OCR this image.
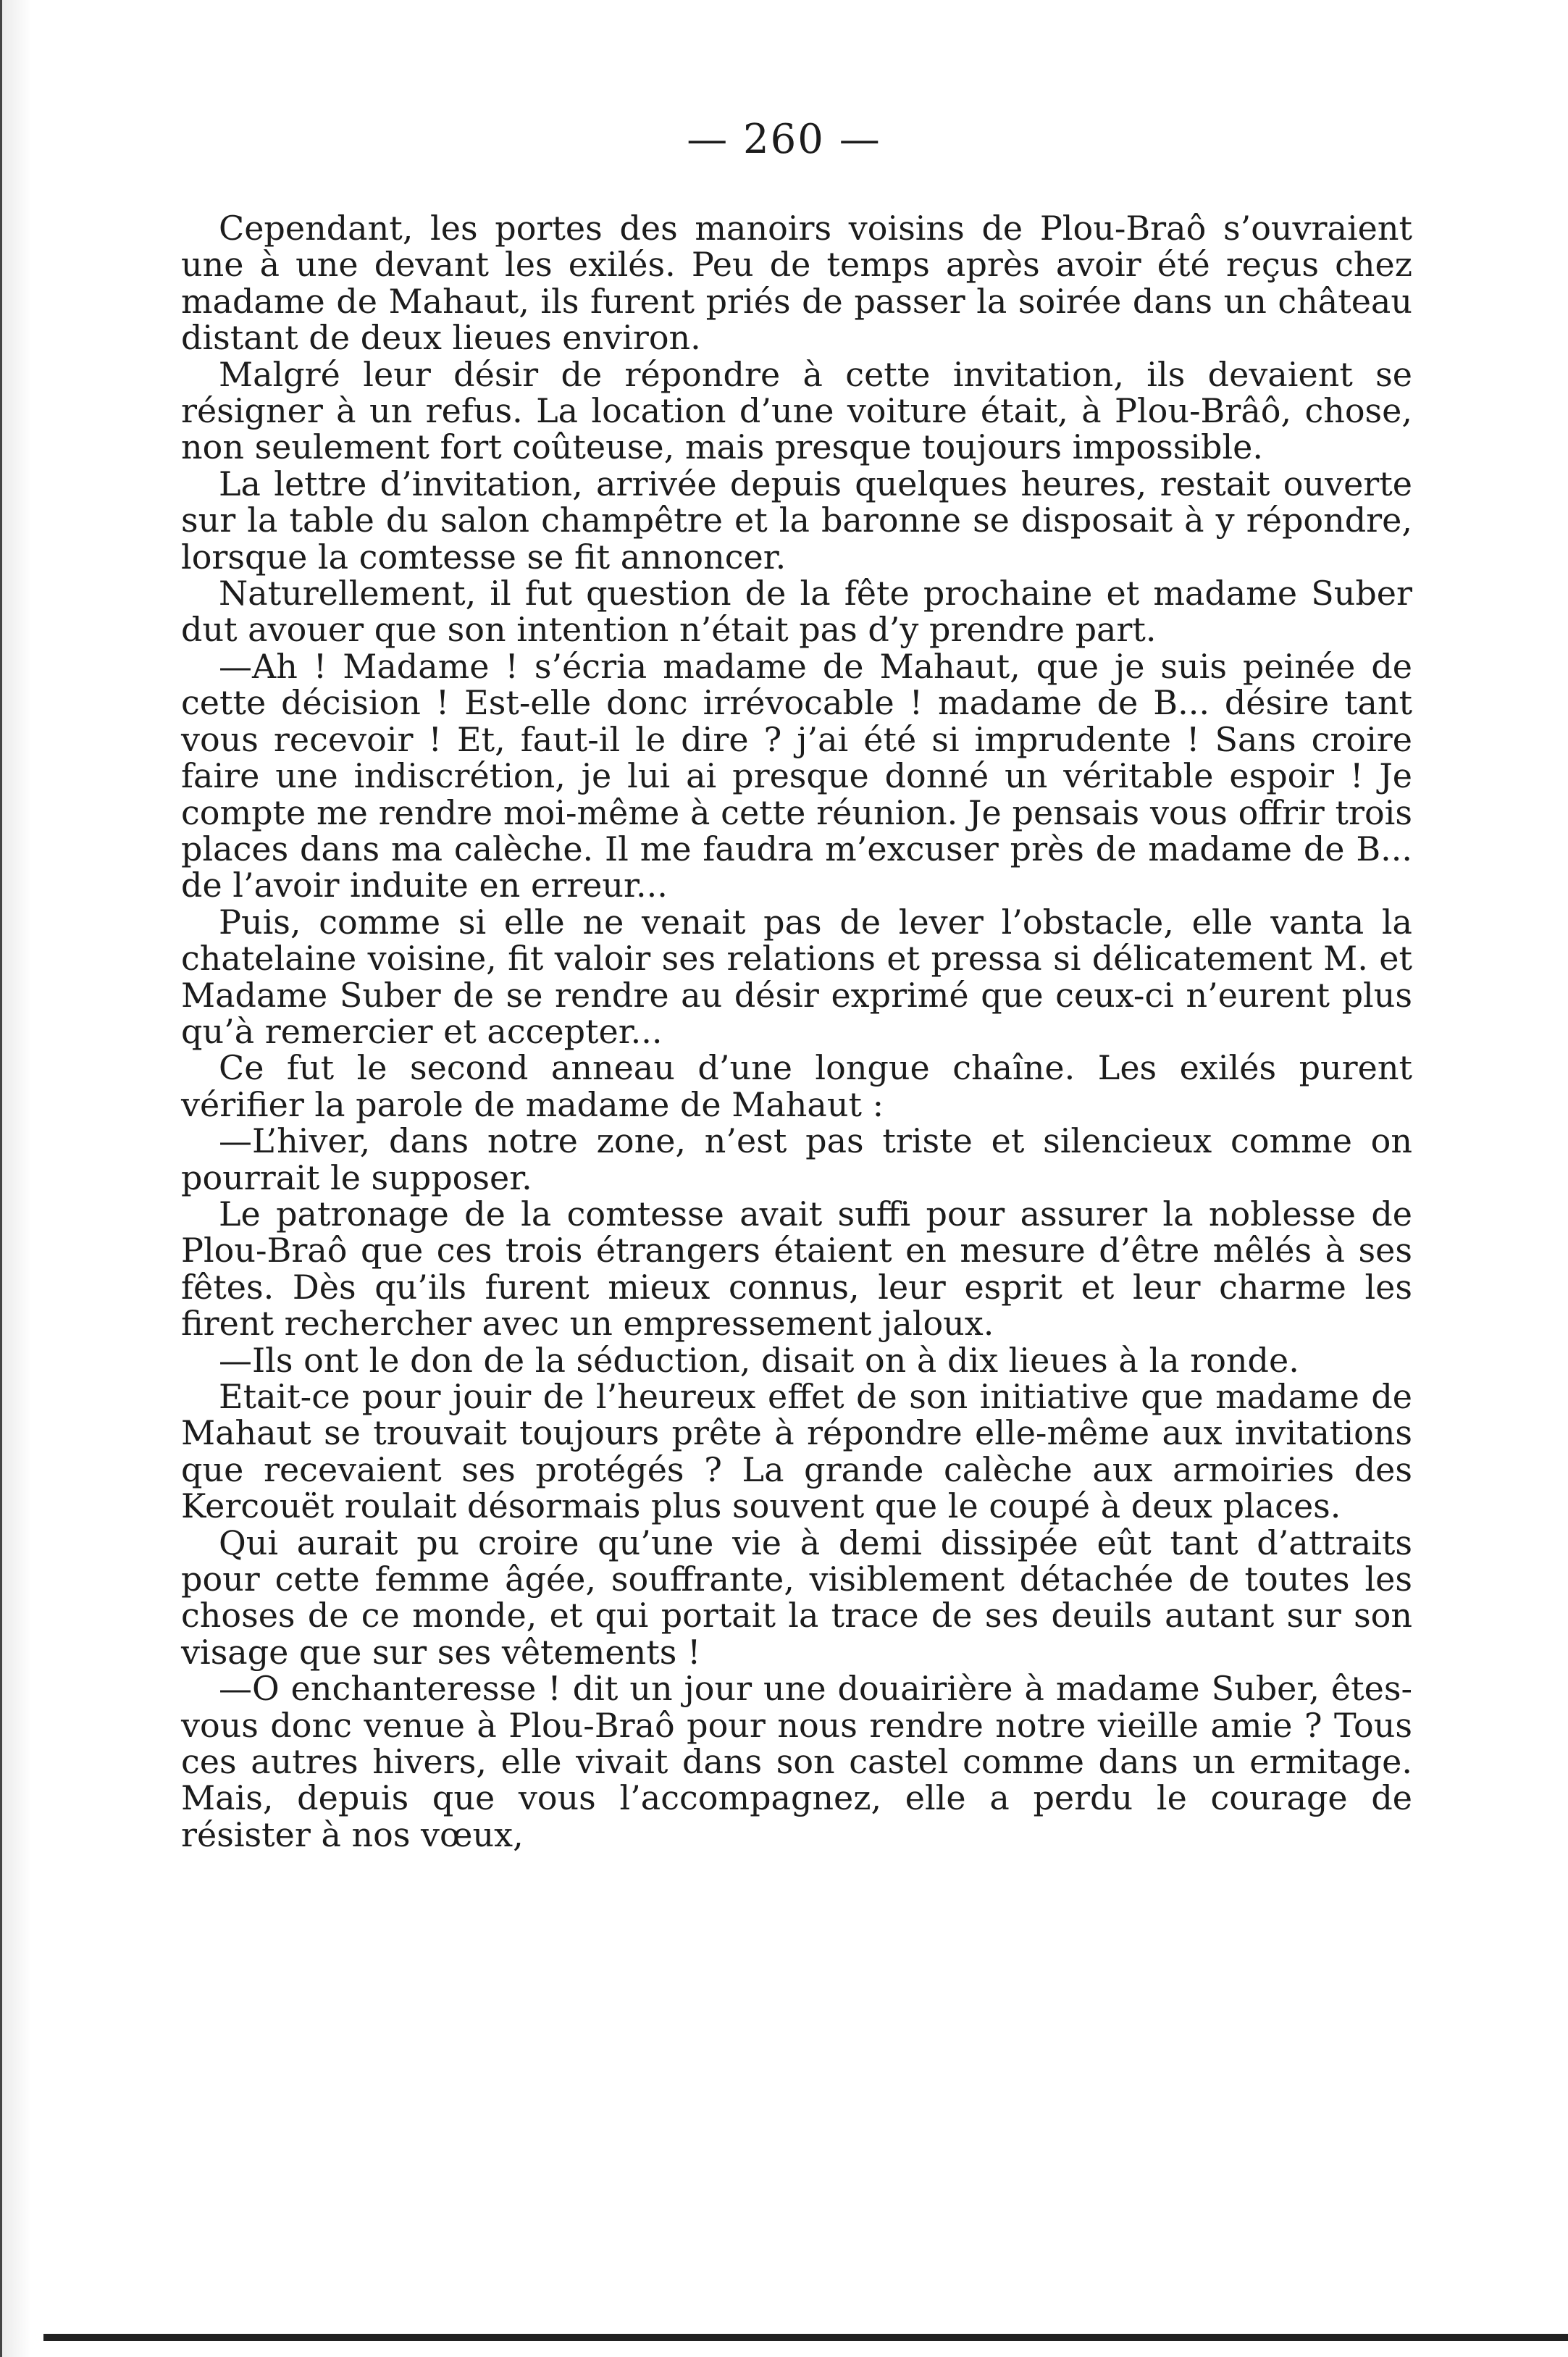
— 260 —

Cependant, les portes des manoirs voisins de Plou-Braô s’ouvraient une à une devant les exilés. Peu de temps après avoir été reçus chez madame de Mahaut, ils furent priés de passer la soirée dans un château distant de deux lieues environ.

Malgré leur désir de répondre à cette invitation, ils devaient se résigner à un refus. La location d’une voiture était, à Plou-Brâô, chose, non seulement fort coûteuse, mais presque toujours impossible.

La lettre d’invitation, arrivée depuis quelques heures, restait ouverte sur la table du salon champêtre et la baronne se disposait à y répondre, lorsque la comtesse se fit annoncer.

Naturellement, il fut question de la fête prochaine et madame Suber dut avouer que son intention n’était pas d’y prendre part.

—Ah ! Madame ! s’écria madame de Mahaut, que je suis peinée de cette décision ! Est-elle donc irrévocable ! madame de B... désire tant vous recevoir ! Et, faut-il le dire ? j’ai été si imprudente ! Sans croire faire une indiscrétion, je lui ai presque donné un véritable espoir ! Je compte me rendre moi-même à cette réunion. Je pensais vous offrir trois places dans ma calèche. Il me faudra m’excuser près de madame de B... de l’avoir induite en erreur...

Puis, comme si elle ne venait pas de lever l’obstacle, elle vanta la chatelaine voisine, fit valoir ses relations et pressa si délicatement M. et Madame Suber de se rendre au désir exprimé que ceux-ci n’eurent plus qu’à remercier et accepter...

Ce fut le second anneau d’une longue chaîne. Les exilés purent vérifier la parole de madame de Mahaut :

—L’hiver, dans notre zone, n’est pas triste et silencieux comme on pourrait le supposer.

Le patronage de la comtesse avait suffi pour assurer la noblesse de Plou-Braô que ces trois étrangers étaient en mesure d’être mêlés à ses fêtes. Dès qu’ils furent mieux connus, leur esprit et leur charme les firent rechercher avec un empressement jaloux.

—Ils ont le don de la séduction, disait on à dix lieues à la ronde.

Etait-ce pour jouir de l’heureux effet de son initiative que madame de Mahaut se trouvait toujours prête à répondre elle-même aux invitations que recevaient ses protégés ? La grande calèche aux armoiries des Kercouët roulait désormais plus souvent que le coupé à deux places.

Qui aurait pu croire qu’une vie à demi dissipée eût tant d’attraits pour cette femme âgée, souffrante, visiblement détachée de toutes les choses de ce monde, et qui portait la trace de ses deuils autant sur son visage que sur ses vêtements !

—O enchanteresse ! dit un jour une douairière à madame Suber, êtes-vous donc venue à Plou-Braô pour nous rendre notre vieille amie ? Tous ces autres hivers, elle vivait dans son castel comme dans un ermitage. Mais, depuis que vous l’accompagnez, elle a perdu le courage de résister à nos vœux,
